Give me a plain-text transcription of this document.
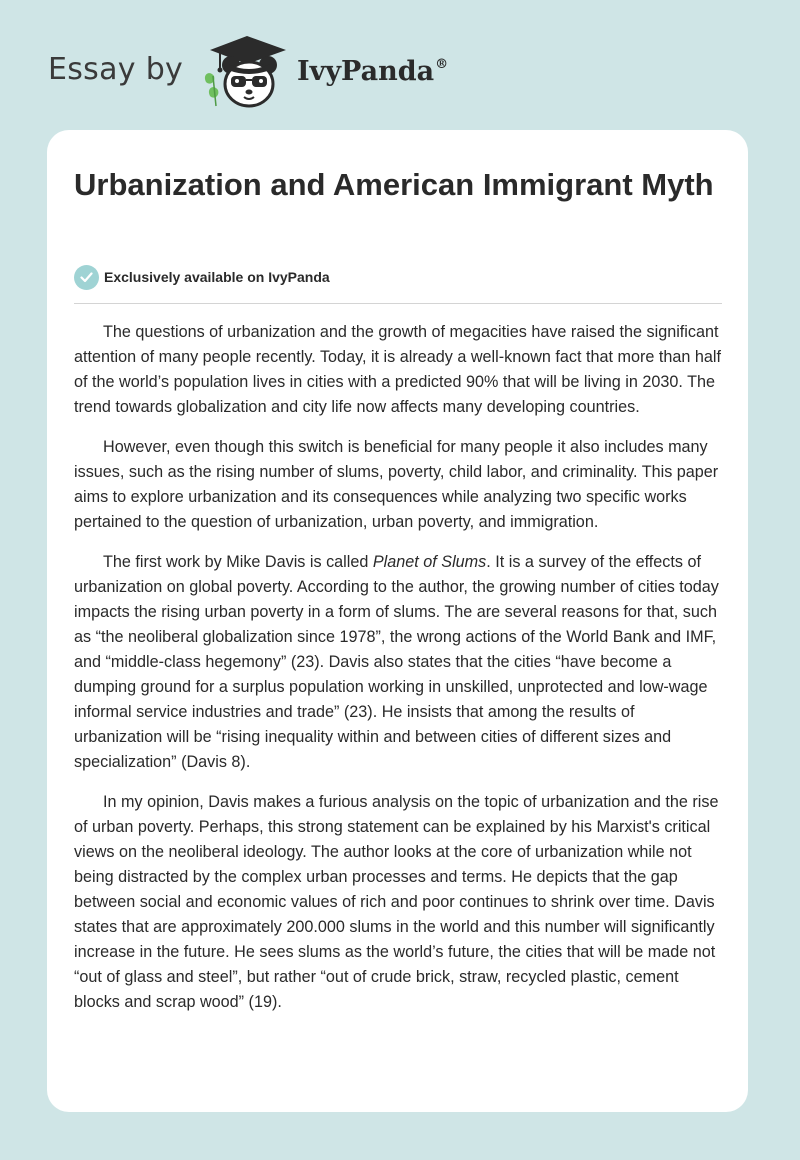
Essay by	IvyPanda®
Urbanization and American Immigrant Myth
Exclusively available on IvyPanda

The questions of urbanization and the growth of megacities have raised the significant attention of many people recently. Today, it is already a well-known fact that more than half of the world’s population lives in cities with a predicted 90% that will be living in 2030. The trend towards globalization and city life now affects many developing countries.

However, even though this switch is beneficial for many people it also includes many issues, such as the rising number of slums, poverty, child labor, and criminality. This paper aims to explore urbanization and its consequences while analyzing two specific works pertained to the question of urbanization, urban poverty, and immigration.

The first work by Mike Davis is called Planet of Slums. It is a survey of the effects of urbanization on global poverty. According to the author, the growing number of cities today impacts the rising urban poverty in a form of slums. The are several reasons for that, such as “the neoliberal globalization since 1978”, the wrong actions of the World Bank and IMF, and “middle-class hegemony” (23). Davis also states that the cities “have become a dumping ground for a surplus population working in unskilled, unprotected and low-wage informal service industries and trade” (23). He insists that among the results of urbanization will be “rising inequality within and between cities of different sizes and specialization” (Davis 8).

In my opinion, Davis makes a furious analysis on the topic of urbanization and the rise of urban poverty. Perhaps, this strong statement can be explained by his Marxist's critical views on the neoliberal ideology. The author looks at the core of urbanization while not being distracted by the complex urban processes and terms. He depicts that the gap between social and economic values of rich and poor continues to shrink over time. Davis states that are approximately 200.000 slums in the world and this number will significantly increase in the future. He sees slums as the world’s future, the cities that will be made not “out of glass and steel”, but rather “out of crude brick, straw, recycled plastic, cement blocks and scrap wood” (19).
